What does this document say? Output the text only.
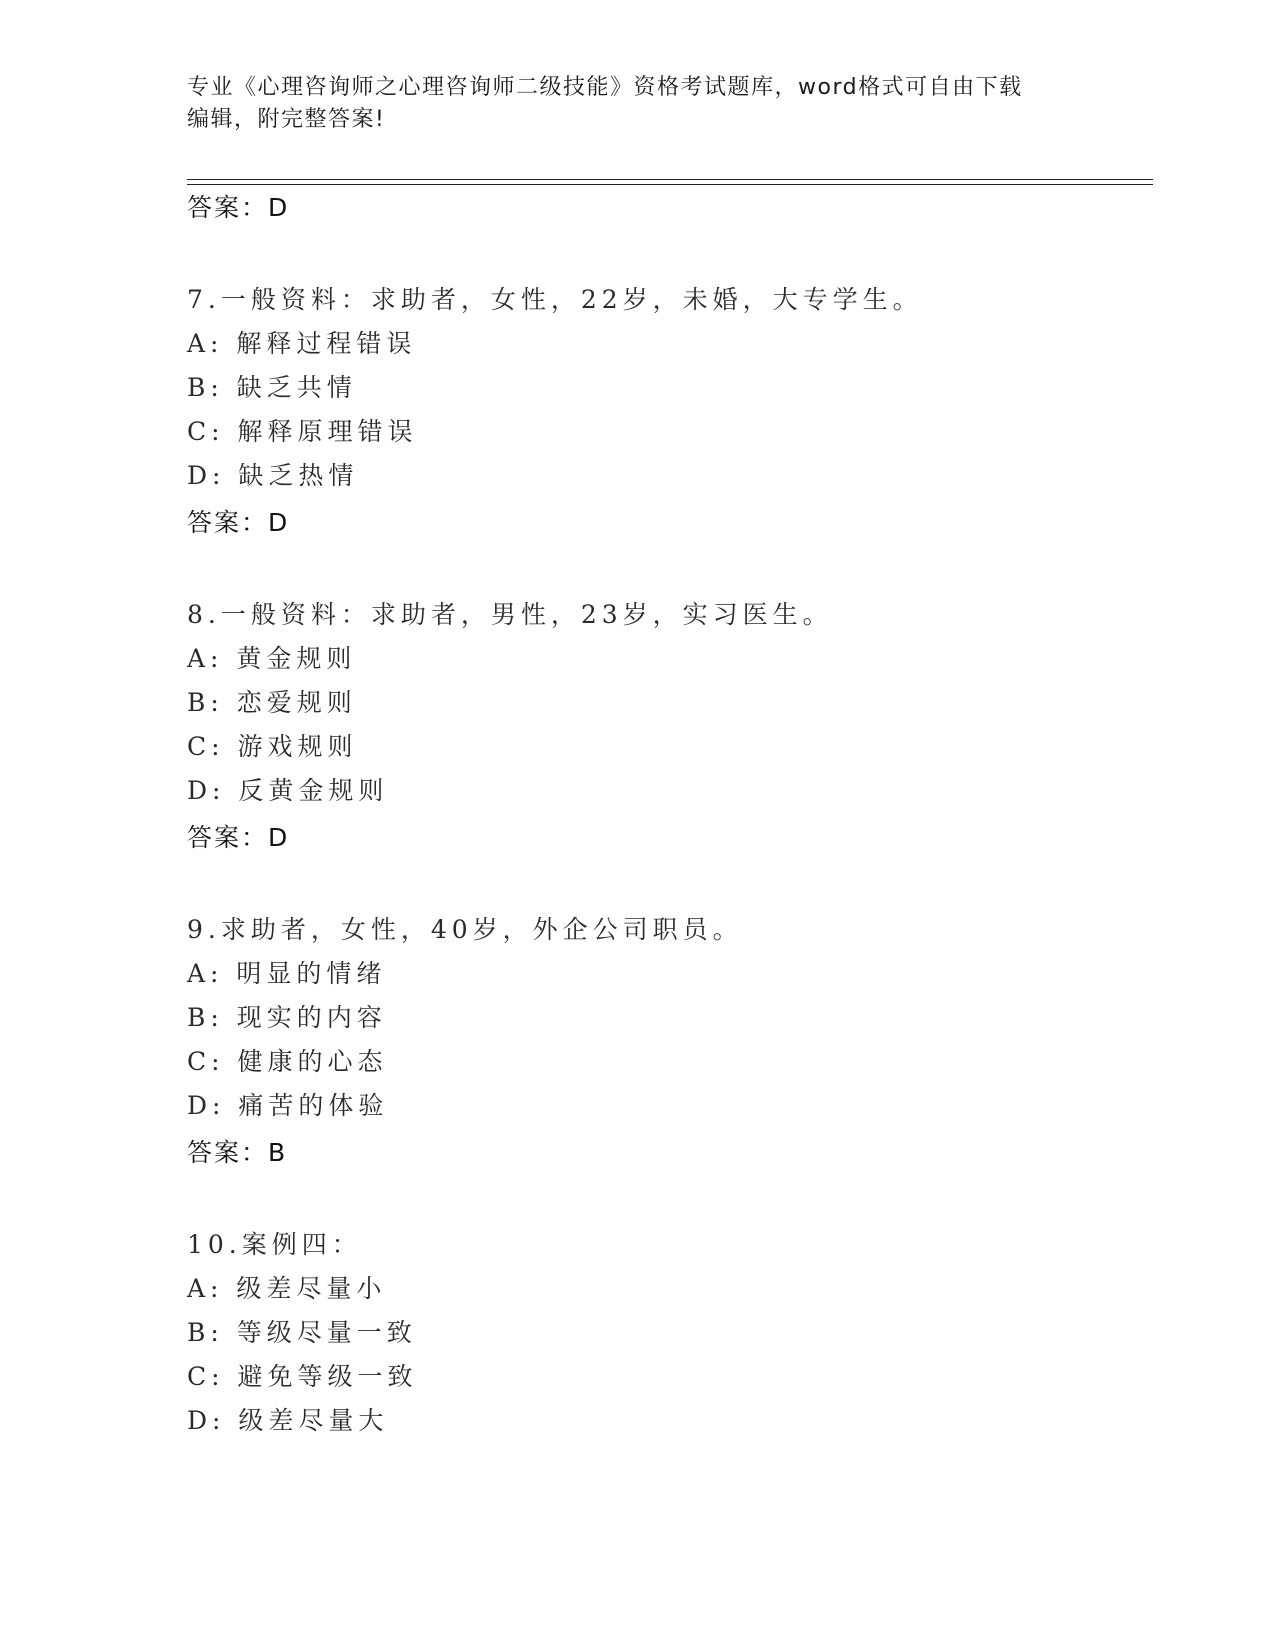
专业《心理咨询师之心理咨询师二级技能》资格考试题库，word格式可自由下载

编辑，附完整答案!

答案：D
7.一般资料：求助者，女性，22岁，未婚，大专学生。
A: 解释过程错误
B: 缺乏共情
C: 解释原理错误
D: 缺乏热情
答案：D
8.一般资料：求助者，男性，23岁，实习医生。
A: 黄金规则
B: 恋爱规则
C: 游戏规则
D: 反黄金规则
答案：D
9.求助者，女性，40岁，外企公司职员。
A: 明显的情绪
B: 现实的内容
C: 健康的心态
D: 痛苦的体验
答案：B
10.案例四：
A: 级差尽量小
B: 等级尽量一致
C: 避免等级一致
D: 级差尽量大
